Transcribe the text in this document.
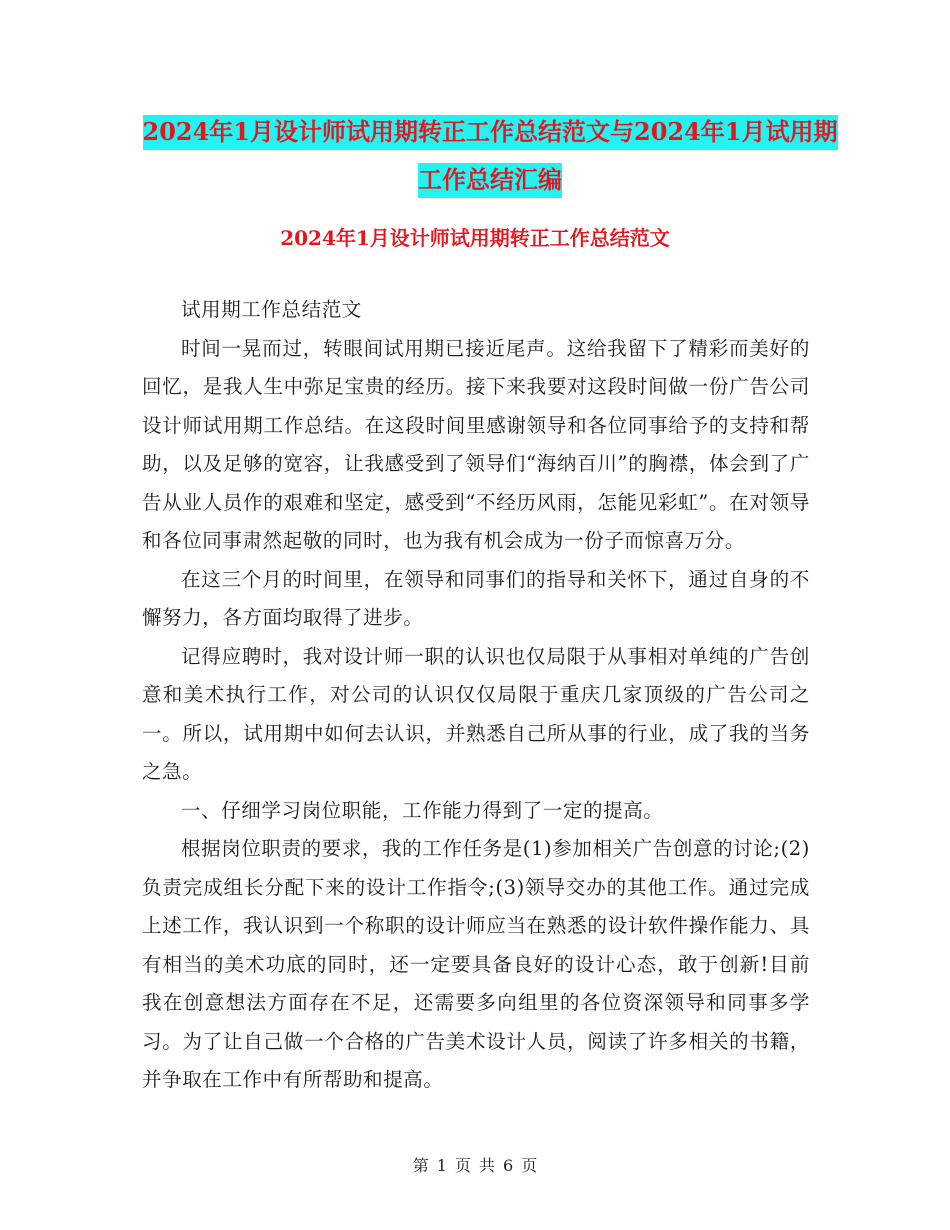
2024年1月设计师试用期转正工作总结范文与2024年1月试用期工作总结汇编
2024年1月设计师试用期转正工作总结范文

试用期工作总结范文

时间一晃而过，转眼间试用期已接近尾声。这给我留下了精彩而美好的回忆，是我人生中弥足宝贵的经历。接下来我要对这段时间做一份广告公司设计师试用期工作总结。在这段时间里感谢领导和各位同事给予的支持和帮助，以及足够的宽容，让我感受到了领导们“海纳百川”的胸襟，体会到了广告从业人员作的艰难和坚定，感受到“不经历风雨，怎能见彩虹”。在对领导和各位同事肃然起敬的同时，也为我有机会成为一份子而惊喜万分。

在这三个月的时间里，在领导和同事们的指导和关怀下，通过自身的不懈努力，各方面均取得了进步。

记得应聘时，我对设计师一职的认识也仅局限于从事相对单纯的广告创意和美术执行工作，对公司的认识仅仅局限于重庆几家顶级的广告公司之一。所以，试用期中如何去认识，并熟悉自己所从事的行业，成了我的当务之急。

一、仔细学习岗位职能，工作能力得到了一定的提高。

根据岗位职责的要求，我的工作任务是(1)参加相关广告创意的讨论;(2)负责完成组长分配下来的设计工作指令;(3)领导交办的其他工作。通过完成上述工作，我认识到一个称职的设计师应当在熟悉的设计软件操作能力、具有相当的美术功底的同时，还一定要具备良好的设计心态，敢于创新!目前我在创意想法方面存在不足，还需要多向组里的各位资深领导和同事多学习。为了让自己做一个合格的广告美术设计人员，阅读了许多相关的书籍，并争取在工作中有所帮助和提高。

第 1 页 共 6 页
